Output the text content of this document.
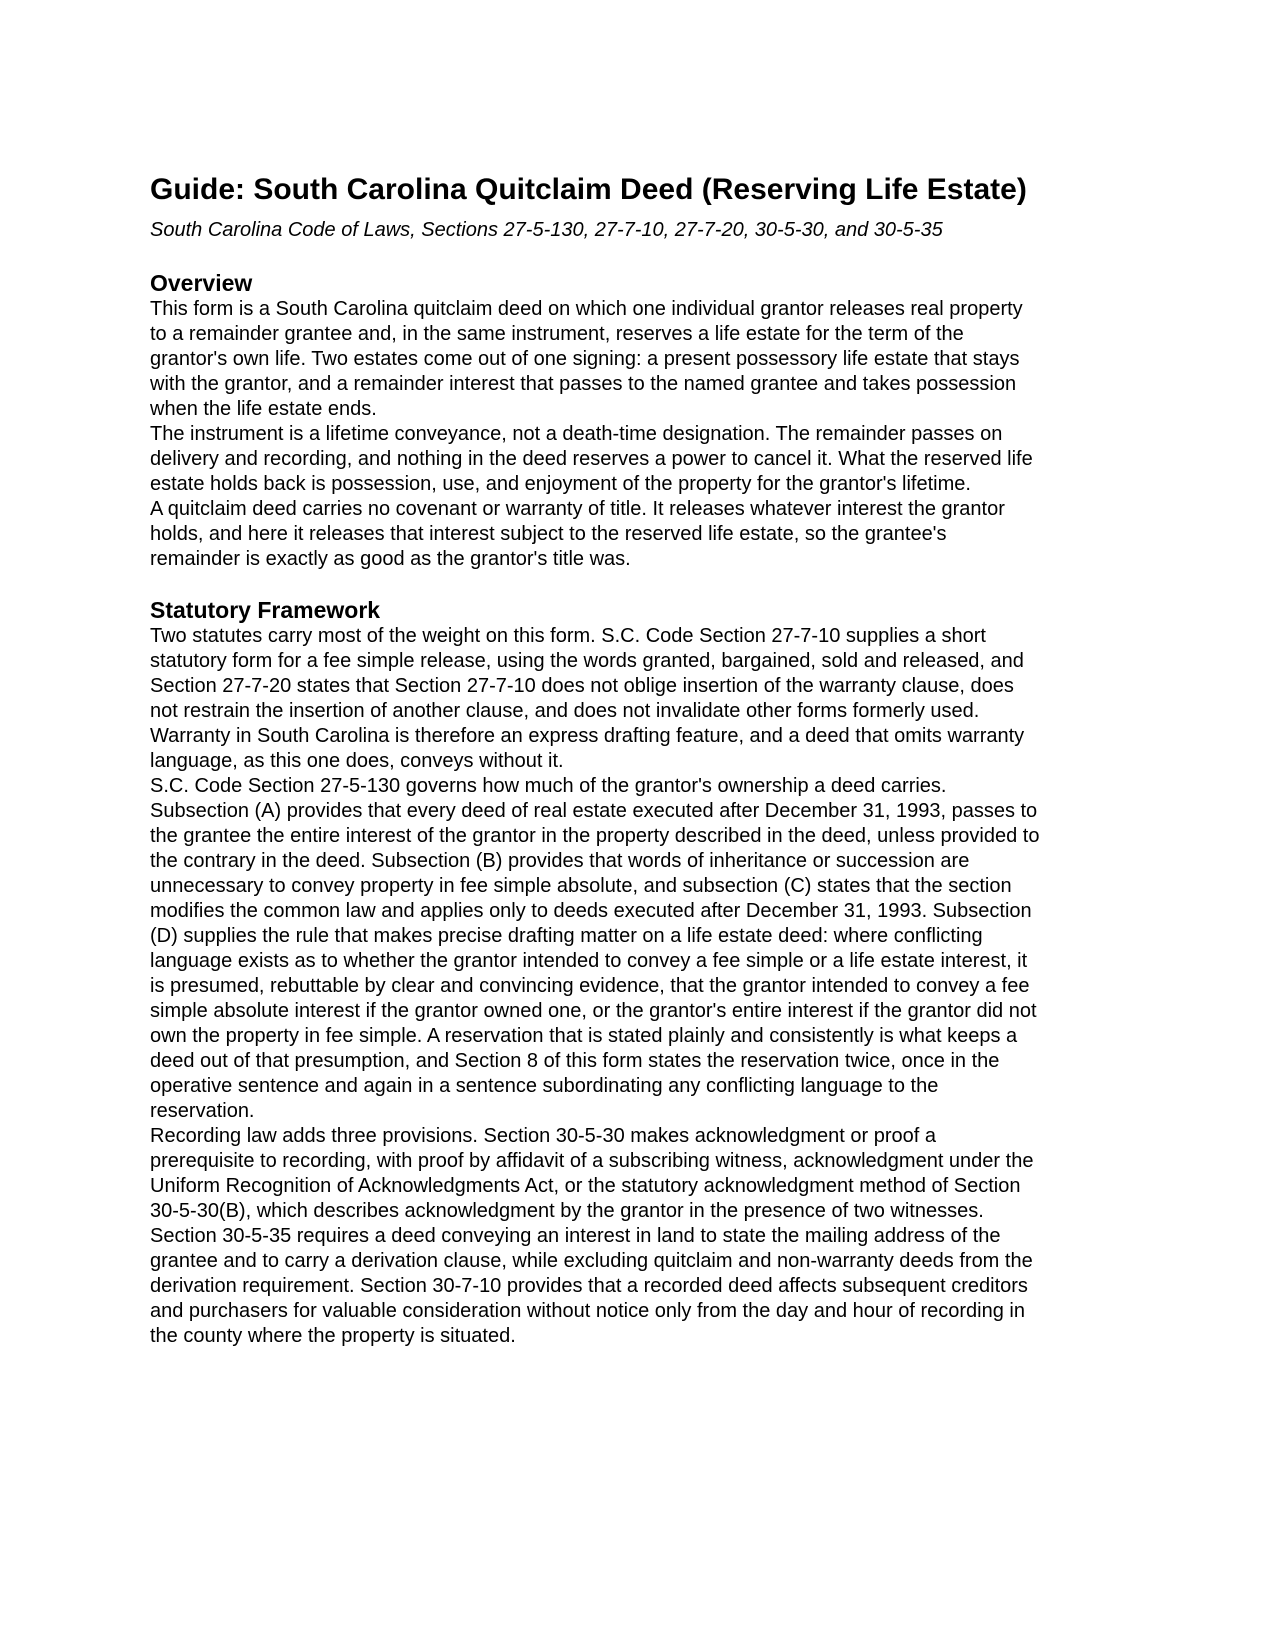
Guide: South Carolina Quitclaim Deed (Reserving Life Estate)
South Carolina Code of Laws, Sections 27-5-130, 27-7-10, 27-7-20, 30-5-30, and 30-5-35
Overview

This form is a South Carolina quitclaim deed on which one individual grantor releases real property
to a remainder grantee and, in the same instrument, reserves a life estate for the term of the
grantor's own life. Two estates come out of one signing: a present possessory life estate that stays
with the grantor, and a remainder interest that passes to the named grantee and takes possession
when the life estate ends.

The instrument is a lifetime conveyance, not a death-time designation. The remainder passes on
delivery and recording, and nothing in the deed reserves a power to cancel it. What the reserved life
estate holds back is possession, use, and enjoyment of the property for the grantor's lifetime.

A quitclaim deed carries no covenant or warranty of title. It releases whatever interest the grantor
holds, and here it releases that interest subject to the reserved life estate, so the grantee's
remainder is exactly as good as the grantor's title was.

Statutory Framework

Two statutes carry most of the weight on this form. S.C. Code Section 27-7-10 supplies a short
statutory form for a fee simple release, using the words granted, bargained, sold and released, and
Section 27-7-20 states that Section 27-7-10 does not oblige insertion of the warranty clause, does
not restrain the insertion of another clause, and does not invalidate other forms formerly used.
Warranty in South Carolina is therefore an express drafting feature, and a deed that omits warranty
language, as this one does, conveys without it.

S.C. Code Section 27-5-130 governs how much of the grantor's ownership a deed carries.
Subsection (A) provides that every deed of real estate executed after December 31, 1993, passes to
the grantee the entire interest of the grantor in the property described in the deed, unless provided to
the contrary in the deed. Subsection (B) provides that words of inheritance or succession are
unnecessary to convey property in fee simple absolute, and subsection (C) states that the section
modifies the common law and applies only to deeds executed after December 31, 1993. Subsection
(D) supplies the rule that makes precise drafting matter on a life estate deed: where conflicting
language exists as to whether the grantor intended to convey a fee simple or a life estate interest, it
is presumed, rebuttable by clear and convincing evidence, that the grantor intended to convey a fee
simple absolute interest if the grantor owned one, or the grantor's entire interest if the grantor did not
own the property in fee simple. A reservation that is stated plainly and consistently is what keeps a
deed out of that presumption, and Section 8 of this form states the reservation twice, once in the
operative sentence and again in a sentence subordinating any conflicting language to the
reservation.

Recording law adds three provisions. Section 30-5-30 makes acknowledgment or proof a
prerequisite to recording, with proof by affidavit of a subscribing witness, acknowledgment under the
Uniform Recognition of Acknowledgments Act, or the statutory acknowledgment method of Section
30-5-30(B), which describes acknowledgment by the grantor in the presence of two witnesses.
Section 30-5-35 requires a deed conveying an interest in land to state the mailing address of the
grantee and to carry a derivation clause, while excluding quitclaim and non-warranty deeds from the
derivation requirement. Section 30-7-10 provides that a recorded deed affects subsequent creditors
and purchasers for valuable consideration without notice only from the day and hour of recording in
the county where the property is situated.
